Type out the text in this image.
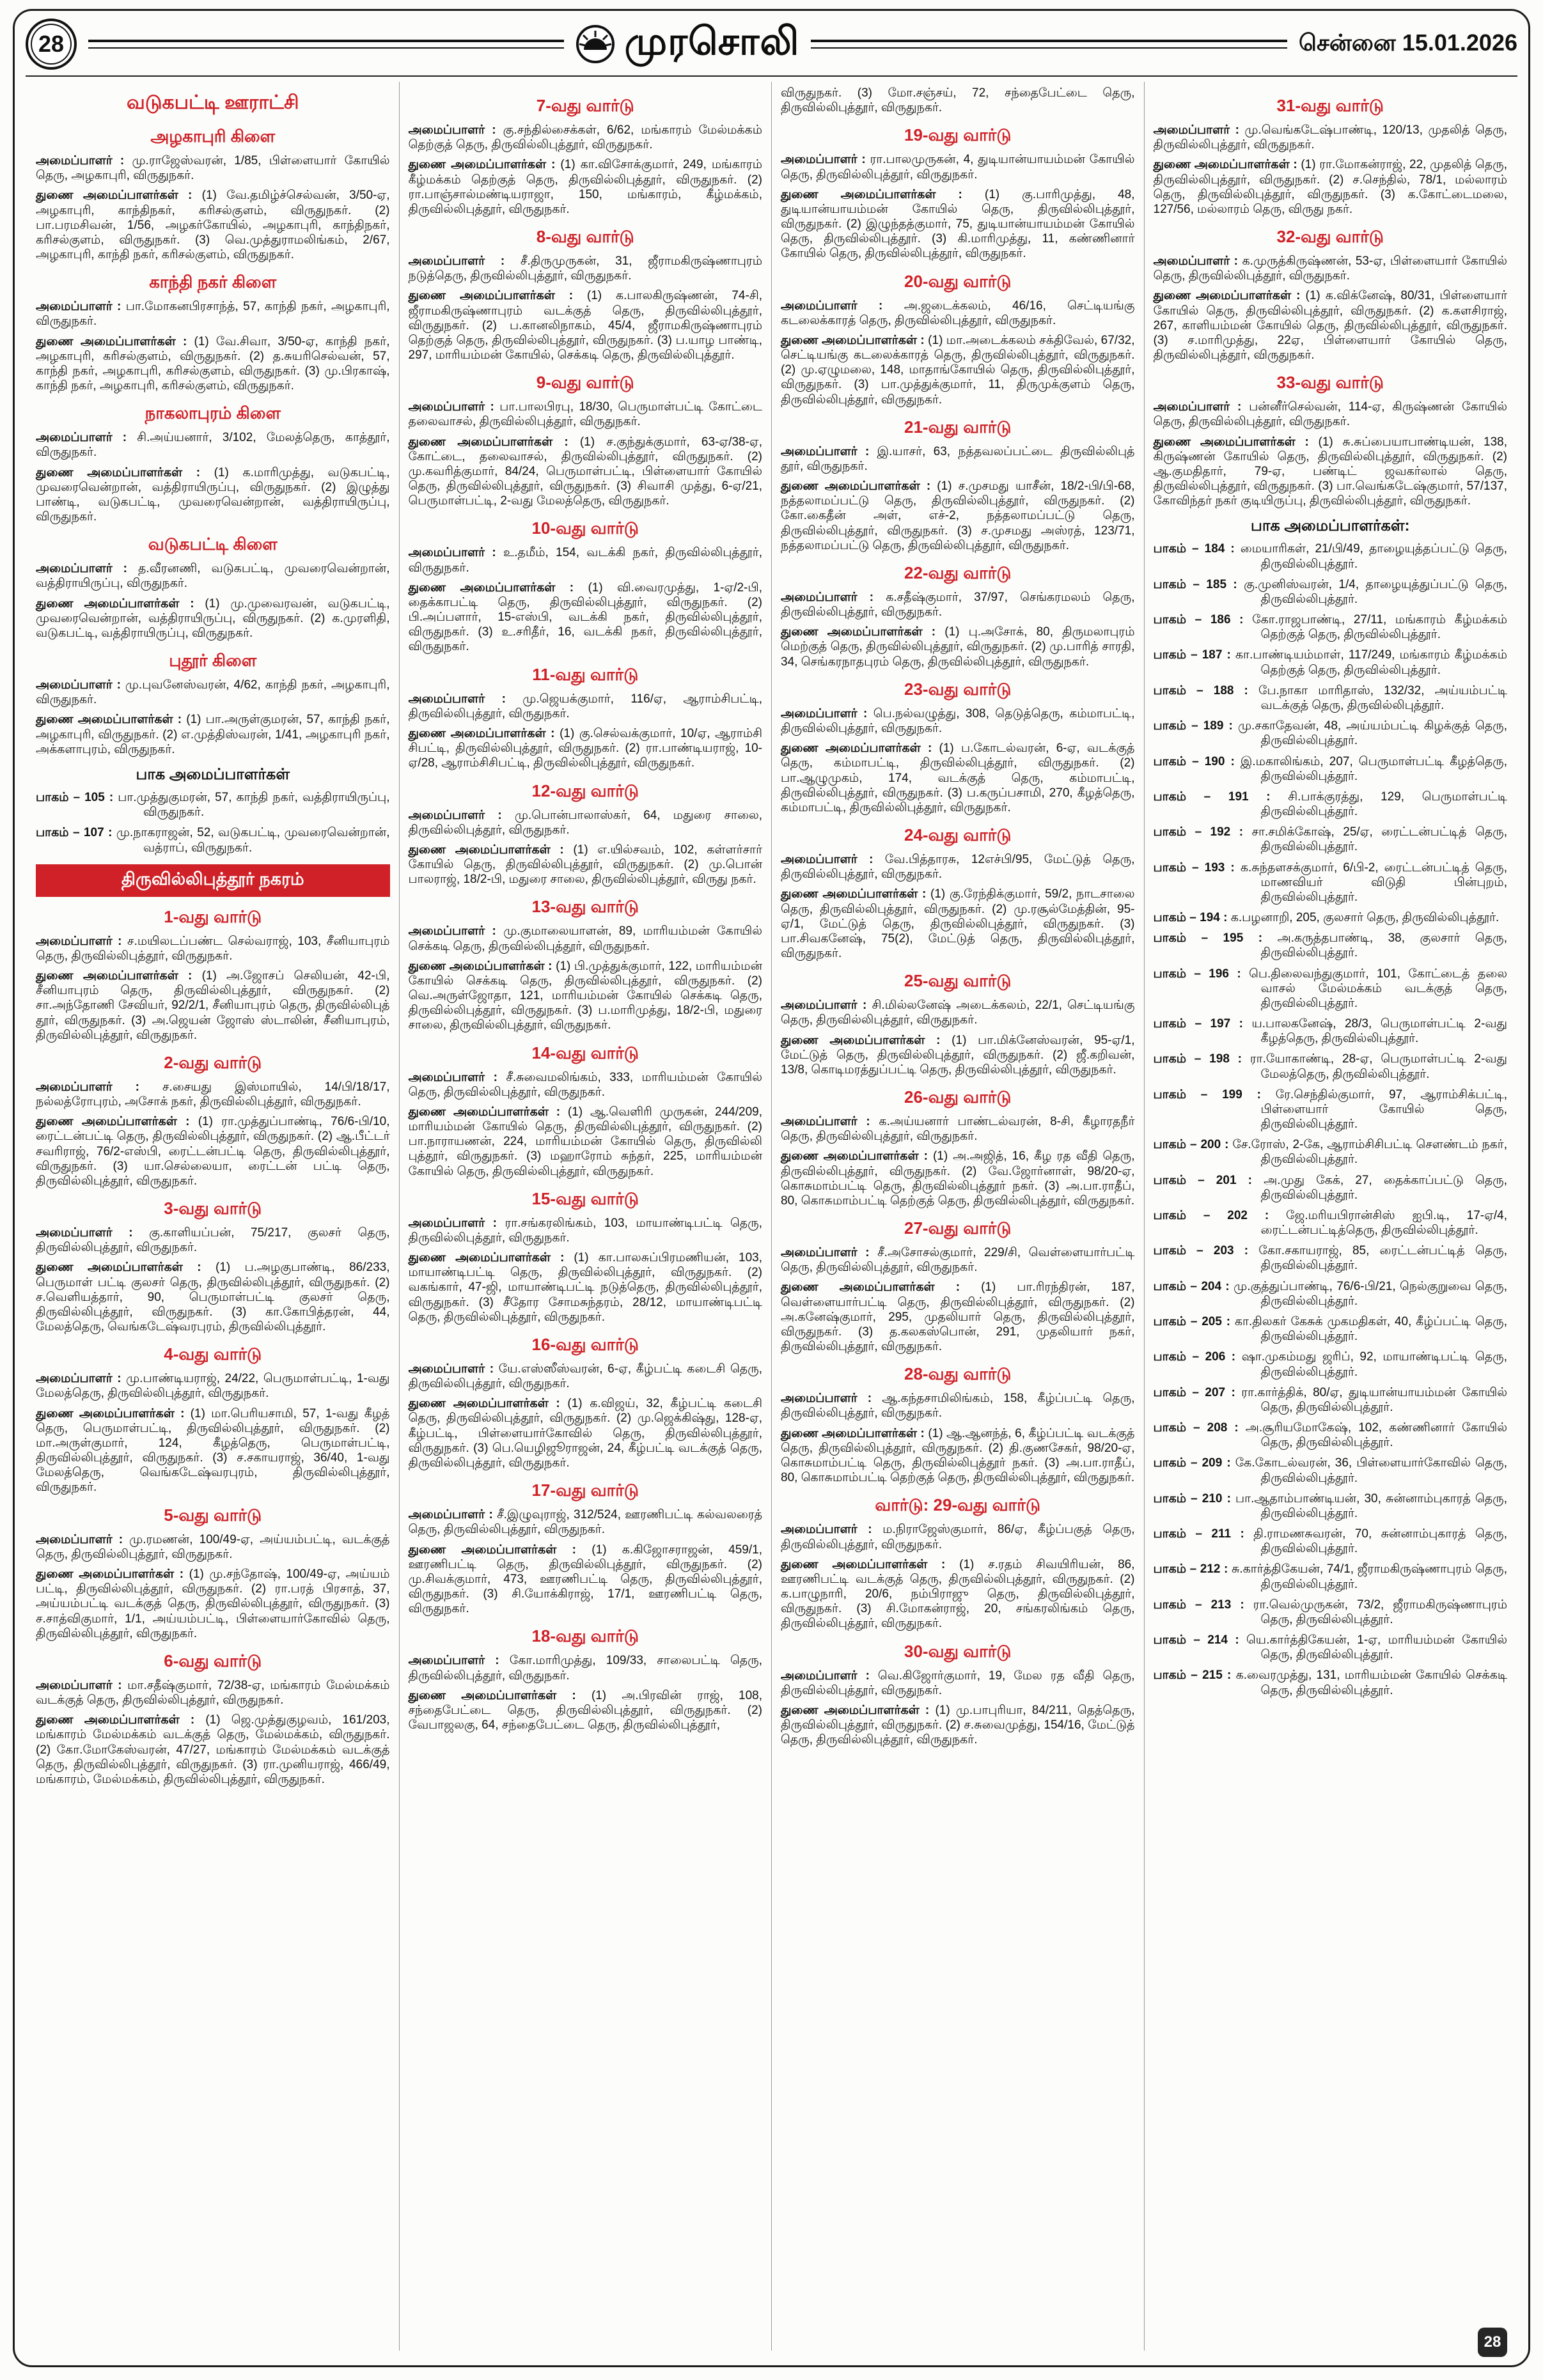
28	முரசொலி	சென்னை 15.01.2026
வடுகபட்டி ஊராட்சி
அழகாபுரி கிளை

அமைப்பாளர் : மு.ராஜேஸ்வரன், 1/85, பிள்ளையார் கோயில் தெரு, அழகாபுரி, விருதுநகர்.

துணை அமைப்பாளர்கள் : (1) வே.தமிழ்ச்செல்வன், 3/50-ஏ, அழகாபுரி, காந்திநகர், கரிசல்குளம், விருதுநகர். (2) பா.பரமசிவன், 1/56, அழகர்கோயில், அழகாபுரி, காந்திநகர், கரிசல்குளம், விருதுநகர். (3) வெ.முத்துராமலிங்கம், 2/67, அழகாபுரி, காந்தி நகர், கரிசல்குளம், விருதுநகர்.

காந்தி நகர் கிளை

அமைப்பாளர் : பா.மோகனபிரசாந்த், 57, காந்தி நகர், அழகாபுரி, விருதுநகர்.

துணை அமைப்பாளர்கள் : (1) வே.சிவா, 3/50-ஏ, காந்தி நகர், அழகாபுரி, கரிசல்குளம், விருதுநகர். (2) த.சுயரிசெல்வன், 57, காந்தி நகர், அழகாபுரி, கரிசல்குளம், விருதுநகர். (3) மு.பிரகாஷ், காந்தி நகர், அழகாபுரி, கரிசல்குளம், விருதுநகர்.

நாகலாபுரம் கிளை

அமைப்பாளர் : சி.அய்யனார், 3/102, மேலத்தெரு, காத்தூர், விருதுநகர்.

துணை அமைப்பாளர்கள் : (1) க.மாரிமுத்து, வடுகபட்டி, முவரைவென்றான், வத்திராயிருப்பு, விருதுநகர். (2) இழுத்து பாண்டி, வடுகபட்டி, முவரைவென்றான், வத்திராயிருப்பு, விருதுநகர்.

வடுகபட்டி கிளை

அமைப்பாளர் : த.வீரனணி, வடுகபட்டி, முவரைவென்றான், வத்திராயிருப்பு, விருதுநகர்.

துணை அமைப்பாளர்கள் : (1) மு.முவைரவன், வடுகபட்டி, முவரைவென்றான், வத்திராயிருப்பு, விருதுநகர். (2) க.முரளிதி, வடுகபட்டி, வத்திராயிருப்பு, விருதுநகர்.

புதூர் கிளை

அமைப்பாளர் : மு.புவனேஸ்வரன், 4/62, காந்தி நகர், அழகாபுரி, விருதுநகர்.

துணை அமைப்பாளர்கள் : (1) பா.அருள்குமரன், 57, காந்தி நகர், அழகாபுரி, விருதுநகர். (2) எ.முத்திஸ்வரன், 1/41, அழகாபுரி நகர், அக்களாபுரம், விருதுநகர்.

பாக அமைப்பாளர்கள்

பாகம் – 105 : பா.முத்துகுமரன், 57, காந்தி நகர், வத்திராயிருப்பு, விருதுநகர்.

பாகம் – 107 : மு.நாகராஜன், 52, வடுகபட்டி, முவரைவென்றான், வத்ராப், விருதுநகர்.

திருவில்லிபுத்தூர் நகரம்
1-வது வார்டு

அமைப்பாளர் : ச.மயிலடப்பண்ட செல்வராஜ், 103, சீனியாபுரம் தெரு, திருவில்லிபுத்தூர், விருதுநகர்.

துணை அமைப்பாளர்கள் : (1) அ.ஜோசப் செலியன், 42-பி, சீனியாபுரம் தெரு, திருவில்லிபுத்தூர், விருதுநகர். (2) சா.அந்தோணி சேவியர், 92/2/1, சீனியாபுரம் தெரு, திருவில்லிபுத் தூர், விருதுநகர். (3) அ.ஜெயன் ஜோஸ் ஸ்டாலின், சீனியாபுரம், திருவில்லிபுத்தூர், விருதுநகர்.

2-வது வார்டு

அமைப்பாளர் : ச.சையது இஸ்மாயில், 14/பி/18/17, நல்லத்ரோபுரம், அசோக் நகர், திருவில்லிபுத்தூர், விருதுநகர்.

துணை அமைப்பாளர்கள் : (1) ரா.முத்துப்பாண்டி, 76/6-பி/10, ரைட்டன்பட்டி தெரு, திருவில்லிபுத்தூர், விருதுநகர். (2) ஆ.பீட்டர் சவரிராஜ், 76/2-எஸ்பி, ரைட்டன்பட்டி தெரு, திருவில்லிபுத்தூர், விருதுநகர். (3) யா.செல்லையா, ரைட்டன் பட்டி தெரு, திருவில்லிபுத்தூர், விருதுநகர்.

3-வது வார்டு

அமைப்பாளர் : கு.காளியப்பன், 75/217, குலசர் தெரு, திருவில்லிபுத்தூர், விருதுநகர்.

துணை அமைப்பாளர்கள் : (1) ப.அழகுபாண்டி, 86/233, பெருமாள் பட்டி குலசர் தெரு, திருவில்லிபுத்தூர், விருதுநகர். (2) ச.வெளியத்தார், 90, பெருமாள்பட்டி குலசர் தெரு, திருவில்லிபுத்தூர், விருதுநகர். (3) கா.கோபித்தரன், 44, மேலத்தெரு, வெங்கடேஷ்வரபுரம், திருவில்லிபுத்தூர்.

4-வது வார்டு

அமைப்பாளர் : மு.பாண்டியராஜ், 24/22, பெருமாள்பட்டி, 1-வது மேலத்தெரு, திருவில்லிபுத்தூர், விருதுநகர்.

துணை அமைப்பாளர்கள் : (1) மா.பெரியசாமி, 57, 1-வது கீழத் தெரு, பெருமாள்பட்டி, திருவில்லிபுத்தூர், விருதுநகர். (2) மா.அருள்குமார், 124, கீழத்தெரு, பெருமாள்பட்டி, திருவில்லிபுத்தூர், விருதுநகர். (3) ச.சகாயராஜ், 36/40, 1-வது மேலத்தெரு, வெங்கடேஷ்வரபுரம், திருவில்லிபுத்தூர், விருதுநகர்.

5-வது வார்டு

அமைப்பாளர் : மு.ரமணன், 100/49-ஏ, அய்யம்பட்டி, வடக்குத் தெரு, திருவில்லிபுத்தூர், விருதுநகர்.

துணை அமைப்பாளர்கள் : (1) மு.சந்தோஷ், 100/49-ஏ, அய்யம் பட்டி, திருவில்லிபுத்தூர், விருதுநகர். (2) ரா.பரத் பிரசாத், 37, அய்யம்பட்டி வடக்குத் தெரு, திருவில்லிபுத்தூர், விருதுநகர். (3) ச.சாத்விகுமார், 1/1, அய்யம்பட்டி, பிள்ளையார்கோவில் தெரு, திருவில்லிபுத்தூர், விருதுநகர்.

6-வது வார்டு

அமைப்பாளர் : மா.சதீஷ்குமார், 72/38-ஏ, மங்காரம் மேல்மக்கம் வடக்குத் தெரு, திருவில்லிபுத்தூர், விருதுநகர்.

துணை அமைப்பாளர்கள் : (1) ஜெ.முத்துகுழவம், 161/203, மங்காரம் மேல்மக்கம் வடக்குத் தெரு, மேல்மக்கம், விருதுநகர். (2) கோ.மோகேஸ்வரன், 47/27, மங்காரம் மேல்மக்கம் வடக்குத் தெரு, திருவில்லிபுத்தூர், விருதுநகர். (3) ரா.முனியராஜ், 466/49, மங்காரம், மேல்மக்கம், திருவில்லிபுத்தூர், விருதுநகர்.

7-வது வார்டு

அமைப்பாளர் : கு.சந்தில்சைக்கள், 6/62, மங்காரம் மேல்மக்கம் தெற்குத் தெரு, திருவில்லிபுத்தூர், விருதுநகர்.

துணை அமைப்பாளர்கள் : (1) கா.விசோக்குமார், 249, மங்காரம் கீழ்மக்கம் தெற்குத் தெரு, திருவில்லிபுத்தூர், விருதுநகர். (2) ரா.பாஞ்சால்மண்டியராஜா, 150, மங்காரம், கீழ்மக்கம், திருவில்லிபுத்தூர், விருதுநகர்.

8-வது வார்டு

அமைப்பாளர் : சீ.திருமுருகன், 31, ஜீராமகிருஷ்ணாபுரம் நடுத்தெரு, திருவில்லிபுத்தூர், விருதுநகர்.

துணை அமைப்பாளர்கள் : (1) க.பாலகிருஷ்ணன், 74-சி, ஜீராமகிருஷ்ணாபுரம் வடக்குத் தெரு, திருவில்லிபுத்தூர், விருதுநகர். (2) ப.கானலிநாகம், 45/4, ஜீராமகிருஷ்ணாபுரம் தெற்குத் தெரு, திருவில்லிபுத்தூர், விருதுநகர். (3) ப.யாழ பாண்டி, 297, மாரியம்மன் கோயில், செக்கடி தெரு, திருவில்லிபுத்தூர்.

9-வது வார்டு

அமைப்பாளர் : பா.பாலபிரபு, 18/30, பெருமாள்பட்டி கோட்டை தலைவாசல், திருவில்லிபுத்தூர், விருதுநகர்.

துணை அமைப்பாளர்கள் : (1) ச.குந்துக்குமார், 63-ஏ/38-ஏ, கோட்டை, தலைவாசல், திருவில்லிபுத்தூர், விருதுநகர். (2) மு.கவரித்குமார், 84/24, பெருமாள்பட்டி, பிள்ளையார் கோயில் தெரு, திருவில்லிபுத்தூர், விருதுநகர். (3) சிவாசி முத்து, 6-ஏ/21, பெருமாள்பட்டி, 2-வது மேலத்தெரு, விருதுநகர்.

10-வது வார்டு

அமைப்பாளர் : உ.தமீம், 154, வடக்கி நகர், திருவில்லிபுத்தூர், விருதுநகர்.

துணை அமைப்பாளர்கள் : (1) வி.வைரமுத்து, 1-ஏ/2-பி, தைக்காபட்டி தெரு, திருவில்லிபுத்தூர், விருதுநகர். (2) பி.அப்பளார், 15-எஸ்பி, வடக்கி நகர், திருவில்லிபுத்தூர், விருதுநகர். (3) உ.சரிதீர், 16, வடக்கி நகர், திருவில்லிபுத்தூர், விருதுநகர்.

11-வது வார்டு

அமைப்பாளர் : மு.ஜெயக்குமார், 116/ஏ, ஆராம்சிபட்டி, திருவில்லிபுத்தூர், விருதுநகர்.

துணை அமைப்பாளர்கள் : (1) கு.செல்வக்குமார், 10/ஏ, ஆராம்சி சிபட்டி, திருவில்லிபுத்தூர், விருதுநகர். (2) ரா.பாண்டியராஜ், 10-ஏ/28, ஆராம்சிசிபட்டி, திருவில்லிபுத்தூர், விருதுநகர்.

12-வது வார்டு

அமைப்பாளர் : மு.பொன்பாலாஸ்கர், 64, மதுரை சாலை, திருவில்லிபுத்தூர், விருதுநகர்.

துணை அமைப்பாளர்கள் : (1) எ.யில்சவம், 102, கள்ளர்சார் கோயில் தெரு, திருவில்லிபுத்தூர், விருதுநகர். (2) மு.பொன் பாலராஜ், 18/2-பி, மதுரை சாலை, திருவில்லிபுத்தூர், விருது நகர்.

13-வது வார்டு

அமைப்பாளர் : மு.குமாலையாளன், 89, மாரியம்மன் கோயில் செக்கடி தெரு, திருவில்லிபுத்தூர், விருதுநகர்.

துணை அமைப்பாளர்கள் : (1) பி.முத்துக்குமார், 122, மாரியம்மன் கோயில் செக்கடி தெரு, திருவில்லிபுத்தூர், விருதுநகர். (2) வெ.அருள்ஜோதா, 121, மாரியம்மன் கோயில் செக்கடி தெரு, திருவில்லிபுத்தூர், விருதுநகர். (3) ப.மாரிமுத்து, 18/2-பி, மதுரை சாலை, திருவில்லிபுத்தூர், விருதுநகர்.

14-வது வார்டு

அமைப்பாளர் : சீ.சுவைமலிங்கம், 333, மாரியம்மன் கோயில் தெரு, திருவில்லிபுத்தூர், விருதுநகர்.

துணை அமைப்பாளர்கள் : (1) ஆ.வெளிரி முருகன், 244/209, மாரியம்மன் கோயில் தெரு, திருவில்லிபுத்தூர், விருதுநகர். (2) பா.நாராயணன், 224, மாரியம்மன் கோயில் தெரு, திருவில்லி புத்தூர், விருதுநகர். (3) மஹாரோம் சுந்தர், 225, மாரியம்மன் கோயில் தெரு, திருவில்லிபுத்தூர், விருதுநகர்.

15-வது வார்டு

அமைப்பாளர் : ரா.சங்கரலிங்கம், 103, மாயாண்டிபட்டி தெரு, திருவில்லிபுத்தூர், விருதுநகர்.

துணை அமைப்பாளர்கள் : (1) கா.பாலசுப்பிரமணியன், 103, மாயாண்டிபட்டி தெரு, திருவில்லிபுத்தூர், விருதுநகர். (2) வகங்கார், 47-ஜி, மாயாண்டிபட்டி நடுத்தெரு, திருவில்லிபுத்தூர், விருதுநகர். (3) சீதோர சோமசுந்தரம், 28/12, மாயாண்டிபட்டி தெரு, திருவில்லிபுத்தூர், விருதுநகர்.

16-வது வார்டு

அமைப்பாளர் : யே.எஸ்ஸீஸ்வரன், 6-ஏ, கீழ்பட்டி கடைசி தெரு, திருவில்லிபுத்தூர், விருதுநகர்.

துணை அமைப்பாளர்கள் : (1) க.விஜய், 32, கீழ்பட்டி கடைசி தெரு, திருவில்லிபுத்தூர், விருதுநகர். (2) மு.ஜெக்கிஷ்து, 128-ஏ, கீழ்பட்டி, பிள்ளையார்கோவில் தெரு, திருவில்லிபுத்தூர், விருதுநகர். (3) பெ.யெழிஜூராஜன், 24, கீழ்பட்டி வடக்குத் தெரு, திருவில்லிபுத்தூர், விருதுநகர்.

17-வது வார்டு

அமைப்பாளர் : சீ.இழுவுராஜ், 312/524, ஊரணிபட்டி கல்வலரைத் தெரு, திருவில்லிபுத்தூர், விருதுநகர்.

துணை அமைப்பாளர்கள் : (1) க.கிஜோசராஜன், 459/1, ஊரணிபட்டி தெரு, திருவில்லிபுத்தூர், விருதுநகர். (2) மு.சிவக்குமார், 473, ஊரணிபட்டி தெரு, திருவில்லிபுத்தூர், விருதுநகர். (3) சி.யோக்கிராஜ், 17/1, ஊரணிபட்டி தெரு, விருதுநகர்.

18-வது வார்டு

அமைப்பாளர் : கோ.மாரிமுத்து, 109/33, சாலைபட்டி தெரு, திருவில்லிபுத்தூர், விருதுநகர்.

துணை அமைப்பாளர்கள் : (1) அ.பிரவின் ராஜ், 108, சந்தைபேட்டை தெரு, திருவில்லிபுத்தூர், விருதுநகர். (2) வேபாஜலகு, 64, சந்தைபேட்டை தெரு, திருவில்லிபுத்தூர்,

விருதுநகர். (3) மோ.சஞ்சய், 72, சந்தைபேட்டை தெரு, திருவில்லிபுத்தூர், விருதுநகர்.

19-வது வார்டு

அமைப்பாளர் : ரா.பாலமுருகன், 4, துடியான்யாயம்மன் கோயில் தெரு, திருவில்லிபுத்தூர், விருதுநகர்.

துணை அமைப்பாளர்கள் : (1) கு.பாரிமுத்து, 48, துடியான்யாயம்மன் கோயில் தெரு, திருவில்லிபுத்தூர், விருதுநகர். (2) இழுந்தத்குமார், 75, துடியான்யாயம்மன் கோயில் தெரு, திருவில்லிபுத்தூர். (3) கி.மாரிமுத்து, 11, கண்ணினார் கோயில் தெரு, திருவில்லிபுத்தூர், விருதுநகர்.

20-வது வார்டு

அமைப்பாளர் : அ.ஜடைக்கலம், 46/16, செட்டியங்கு கடலைக்காரத் தெரு, திருவில்லிபுத்தூர், விருதுநகர்.

துணை அமைப்பாளர்கள் : (1) மா.அடைக்கலம் சக்திவேல், 67/32, செட்டியங்கு கடலைக்காரத் தெரு, திருவில்லிபுத்தூர், விருதுநகர். (2) மு.ஏழுமலை, 148, மாதாங்கோயில் தெரு, திருவில்லிபுத்தூர், விருதுநகர். (3) பா.முத்துக்குமார், 11, திருமுக்குளம் தெரு, திருவில்லிபுத்தூர், விருதுநகர்.

21-வது வார்டு

அமைப்பாளர் : இ.யாசர், 63, நத்தவலப்பட்டை திருவில்லிபுத் தூர், விருதுநகர்.

துணை அமைப்பாளர்கள் : (1) ச.முசமது யாசீன், 18/2-பி/பி-68, நத்தலாமப்பட்டு தெரு, திருவில்லிபுத்தூர், விருதுநகர். (2) கோ.கைதீன் அள், எச்-2, நத்தலாமப்பட்டு தெரு, திருவில்லிபுத்தூர், விருதுநகர். (3) ச.முசமது அஸ்ரத், 123/71, நத்தலாமப்பட்டு தெரு, திருவில்லிபுத்தூர், விருதுநகர்.

22-வது வார்டு

அமைப்பாளர் : க.சதீஷ்குமார், 37/97, செங்கரமலம் தெரு, திருவில்லிபுத்தூர், விருதுநகர்.

துணை அமைப்பாளர்கள் : (1) பு.அசோக், 80, திருமலாபுரம் மெற்குத் தெரு, திருவில்லிபுத்தூர், விருதுநகர். (2) மு.பாரித் சாரதி, 34, செங்கரநாதபுரம் தெரு, திருவில்லிபுத்தூர், விருதுநகர்.

23-வது வார்டு

அமைப்பாளர் : பெ.நல்வழுத்து, 308, தெடுத்தெரு, கம்மாபட்டி, திருவில்லிபுத்தூர், விருதுநகர்.

துணை அமைப்பாளர்கள் : (1) ப.கோடல்வரன், 6-ஏ, வடக்குத் தெரு, கம்மாபட்டி, திருவில்லிபுத்தூர், விருதுநகர். (2) பா.ஆழுமுகம், 174, வடக்குத் தெரு, கம்மாபட்டி, திருவில்லிபுத்தூர், விருதுநகர். (3) ப.கருப்பசாமி, 270, கீழத்தெரு, கம்மாபட்டி, திருவில்லிபுத்தூர், விருதுநகர்.

24-வது வார்டு

அமைப்பாளர் : வே.பித்தாரசு, 12எச்பி/95, மேட்டுத் தெரு, திருவில்லிபுத்தூர், விருதுநகர்.

துணை அமைப்பாளர்கள் : (1) கு.ரேந்திக்குமார், 59/2, நாடசாலை தெரு, திருவில்லிபுத்தூர், விருதுநகர். (2) மு.ரசூல்மேத்தின், 95-ஏ/1, மேட்டுத் தெரு, திருவில்லிபுத்தூர், விருதுநகர். (3) பா.சிவகனேஷ், 75(2), மேட்டுத் தெரு, திருவில்லிபுத்தூர், விருதுநகர்.

25-வது வார்டு

அமைப்பாளர் : சி.மில்லனேஷ் அடைக்கலம், 22/1, செட்டியங்கு தெரு, திருவில்லிபுத்தூர், விருதுநகர்.

துணை அமைப்பாளர்கள் : (1) பா.மிக்னேஸ்வரன், 95-ஏ/1, மேட்டுத் தெரு, திருவில்லிபுத்தூர், விருதுநகர். (2) ஜீ.கறிவன், 13/8, கொடிமரத்துப்பட்டி தெரு, திருவில்லிபுத்தூர், விருதுநகர்.

26-வது வார்டு

அமைப்பாளர் : க.அய்யனார் பாண்டல்வரன், 8-சி, கீழாரதநீர் தெரு, திருவில்லிபுத்தூர், விருதுநகர்.

துணை அமைப்பாளர்கள் : (1) அ.அஜித், 16, கீழ ரத வீதி தெரு, திருவில்லிபுத்தூர், விருதுநகர். (2) வே.ஜோர்னாள், 98/20-ஏ, கொசுமாம்பட்டி தெரு, திருவில்லிபுத்தூர் நகர். (3) அ.பா.ராதீப், 80, கொசுமாம்பட்டி தெற்குத் தெரு, திருவில்லிபுத்தூர், விருதுநகர்.

27-வது வார்டு

அமைப்பாளர் : சீ.அசோசல்குமார், 229/சி, வெள்ளையார்பட்டி தெரு, திருவில்லிபுத்தூர், விருதுநகர்.

துணை அமைப்பாளர்கள் : (1) பா.ரிரந்திரன், 187, வெள்ளையார்பட்டி தெரு, திருவில்லிபுத்தூர், விருதுநகர். (2) அ.கனேஷ்குமார், 295, முதலியார் தெரு, திருவில்லிபுத்தூர், விருதுநகர். (3) த.கலகஸ்பொன், 291, முதலியார் நகர், திருவில்லிபுத்தூர், விருதுநகர்.

28-வது வார்டு

அமைப்பாளர் : ஆ.கந்தசாமிலிங்கம், 158, கீழ்ப்பட்டி தெரு, திருவில்லிபுத்தூர், விருதுநகர்.

துணை அமைப்பாளர்கள் : (1) ஆ.ஆனந்த், 6, கீழ்ப்பட்டி வடக்குத் தெரு, திருவில்லிபுத்தூர், விருதுநகர். (2) தி.குணசேகர், 98/20-ஏ, கொசுமாம்பட்டி தெரு, திருவில்லிபுத்தூர் நகர். (3) அ.பா.ராதீப், 80, கொசுமாம்பட்டி தெற்குத் தெரு, திருவில்லிபுத்தூர், விருதுநகர்.

வார்டு: 29-வது வார்டு

அமைப்பாளர் : ம.நிராஜேஸ்குமார், 86/ஏ, கீழ்ப்பகுத் தெரு, திருவில்லிபுத்தூர், விருதுநகர்.

துணை அமைப்பாளர்கள் : (1) ச.ரதம் சிவயிரியன், 86, ஊரணிபட்டி வடக்குத் தெரு, திருவில்லிபுத்தூர், விருதுநகர். (2) க.பாழுநாரி, 20/6, நம்பிராஜு தெரு, திருவில்லிபுத்தூர், விருதுநகர். (3) சி.மோகன்ராஜ், 20, சங்கரலிங்கம் தெரு, திருவில்லிபுத்தூர், விருதுநகர்.

30-வது வார்டு

அமைப்பாளர் : வெ.கிஜோர்குமார், 19, மேல ரத வீதி தெரு, திருவில்லிபுத்தூர், விருதுநகர்.

துணை அமைப்பாளர்கள் : (1) மு.பாபுரியா, 84/211, தெத்தெரு, திருவில்லிபுத்தூர், விருதுநகர். (2) ச.சுவைமுத்து, 154/16, மேட்டுத் தெரு, திருவில்லிபுத்தூர், விருதுநகர்.

31-வது வார்டு

அமைப்பாளர் : மு.வெங்கடேஷ்பாண்டி, 120/13, முதலித் தெரு, திருவில்லிபுத்தூர், விருதுநகர்.

துணை அமைப்பாளர்கள் : (1) ரா.மோகன்ராஜ், 22, முதலித் தெரு, திருவில்லிபுத்தூர், விருதுநகர். (2) ச.செந்தில், 78/1, மல்லாரம் தெரு, திருவில்லிபுத்தூர், விருதுநகர். (3) க.கோட்டைமலை, 127/56, மல்லாரம் தெரு, விருது நகர்.

32-வது வார்டு

அமைப்பாளர் : க.முருத்கிருஷ்ணன், 53-ஏ, பிள்ளையார் கோயில் தெரு, திருவில்லிபுத்தூர், விருதுநகர்.

துணை அமைப்பாளர்கள் : (1) க.விக்னேஷ், 80/31, பிள்ளையார் கோயில் தெரு, திருவில்லிபுத்தூர், விருதுநகர். (2) க.களசிராஜ், 267, காளியம்மன் கோயில் தெரு, திருவில்லிபுத்தூர், விருதுநகர். (3) ச.மாரிமுத்து, 22ஏ, பிள்ளையார் கோயில் தெரு, திருவில்லிபுத்தூர், விருதுநகர்.

33-வது வார்டு

அமைப்பாளர் : பன்னீர்செல்வன், 114-ஏ, கிருஷ்ணன் கோயில் தெரு, திருவில்லிபுத்தூர், விருதுநகர்.

துணை அமைப்பாளர்கள் : (1) சு.சுப்பையாபாண்டியன், 138, கிருஷ்ணன் கோயில் தெரு, திருவில்லிபுத்தூர், விருதுநகர். (2) ஆ.குமதிதார், 79-ஏ, பண்டிட் ஜவகர்லால் தெரு, திருவில்லிபுத்தூர், விருதுநகர். (3) பா.வெங்கடேஷ்குமார், 57/137, கோவிந்தர் நகர் குடியிருப்பு, திருவில்லிபுத்தூர், விருதுநகர்.

பாக அமைப்பாளர்கள்:

பாகம் – 184 : மையாரிகள், 21/பி/49, தாழையுத்தப்பட்டு தெரு, திருவில்லிபுத்தூர்.

பாகம் – 185 : கு.முனிஸ்வரன், 1/4, தாழையுத்துப்பட்டு தெரு, திருவில்லிபுத்தூர்.

பாகம் – 186 : கோ.ராஜபாண்டி, 27/11, மங்காரம் கீழ்மக்கம் தெற்குத் தெரு, திருவில்லிபுத்தூர்.

பாகம் – 187 : கா.பாண்டியம்மாள், 117/249, மங்காரம் கீழ்மக்கம் தெற்குத் தெரு, திருவில்லிபுத்தூர்.

பாகம் – 188 : பே.நாகா மாரிதாஸ், 132/32, அய்யம்பட்டி வடக்குத் தெரு, திருவில்லிபுத்தூர்.

பாகம் – 189 : மு.சகாதேவன், 48, அய்யம்பட்டி கிழக்குத் தெரு, திருவில்லிபுத்தூர்.

பாகம் – 190 : இ.மகாலிங்கம், 207, பெருமாள்பட்டி கீழத்தெரு, திருவில்லிபுத்தூர்.

பாகம் – 191 : சி.பாக்குரத்து, 129, பெருமாள்பட்டி திருவில்லிபுத்தூர்.

பாகம் – 192 : சா.சமிக்கோஷ், 25/ஏ, ரைட்டன்பட்டித் தெரு, திருவில்லிபுத்தூர்.

பாகம் – 193 : க.சுந்தளசக்குமார், 6/பி-2, ரைட்டன்பட்டித் தெரு, மாணவியர் விடுதி பின்புறம், திருவில்லிபுத்தூர்.

பாகம் – 194 : க.பழனாறி, 205, குலசார் தெரு, திருவில்லிபுத்தூர்.

பாகம் – 195 : அ.கருத்தபாண்டி, 38, குலசார் தெரு, திருவில்லிபுத்தூர்.

பாகம் – 196 : பெ.திலைவந்துகுமார், 101, கோட்டைத் தலை வாசல் மேல்மக்கம் வடக்குத் தெரு, திருவில்லிபுத்தூர்.

பாகம் – 197 : ய.பாலகனேஷ், 28/3, பெருமாள்பட்டி 2-வது கீழத்தெரு, திருவில்லிபுத்தூர்.

பாகம் – 198 : ரா.யோகாண்டி, 28-ஏ, பெருமாள்பட்டி 2-வது மேலத்தெரு, திருவில்லிபுத்தூர்.

பாகம் – 199 : ரே.செந்தில்குமார், 97, ஆராம்சிக்பட்டி, பிள்ளையார் கோயில் தெரு, திருவில்லிபுத்தூர்.

பாகம் – 200 : சே.ரோஸ், 2-கே, ஆராம்சிசிபட்டி சௌண்டம் நகர், திருவில்லிபுத்தூர்.

பாகம் – 201 : அ.முது கேக், 27, தைக்காப்பட்டு தெரு, திருவில்லிபுத்தூர்.

பாகம் – 202 : ஜே.மரியபிரான்சிஸ் ஐபி.டி, 17-ஏ/4, ரைட்டன்பட்டித்தெரு, திருவில்லிபுத்தூர்.

பாகம் – 203 : கோ.சகாயராஜ், 85, ரைட்டன்பட்டித் தெரு, திருவில்லிபுத்தூர்.

பாகம் – 204 : மு.குத்துப்பாண்டி, 76/6-பி/21, நெல்குறுவை தெரு, திருவில்லிபுத்தூர்.

பாகம் – 205 : கா.திலகர் கேசுக் முகமதிகள், 40, கீழ்ப்பட்டி தெரு, திருவில்லிபுத்தூர்.

பாகம் – 206 : ஷா.முகம்மது ஜரிப், 92, மாயாண்டிபட்டி தெரு, திருவில்லிபுத்தூர்.

பாகம் – 207 : ரா.கார்த்திக், 80/ஏ, துடியான்யாயம்மன் கோயில் தெரு, திருவில்லிபுத்தூர்.

பாகம் – 208 : அ.சூரியமோகேஷ், 102, கண்ணினார் கோயில் தெரு, திருவில்லிபுத்தூர்.

பாகம் – 209 : கே.கோடல்வரன், 36, பிள்ளையார்கோவில் தெரு, திருவில்லிபுத்தூர்.

பாகம் – 210 : பா.ஆதாம்பாண்டியன், 30, சுன்னாம்புகாரத் தெரு, திருவில்லிபுத்தூர்.

பாகம் – 211 : தி.ராமணசுவரன், 70, சுன்னாம்புகாரத் தெரு, திருவில்லிபுத்தூர்.

பாகம் – 212 : சு.கார்த்திகேயன், 74/1, ஜீராமகிருஷ்ணாபுரம் தெரு, திருவில்லிபுத்தூர்.

பாகம் – 213 : ரா.வெல்முருகன், 73/2, ஜீராமகிருஷ்ணாபுரம் தெரு, திருவில்லிபுத்தூர்.

பாகம் – 214 : யெ.கார்த்திகேயன், 1-ஏ, மாரியம்மன் கோயில் தெரு, திருவில்லிபுத்தூர்.

பாகம் – 215 : க.வைரமுத்து, 131, மாரியம்மன் கோயில் செக்கடி தெரு, திருவில்லிபுத்தூர்.

28
